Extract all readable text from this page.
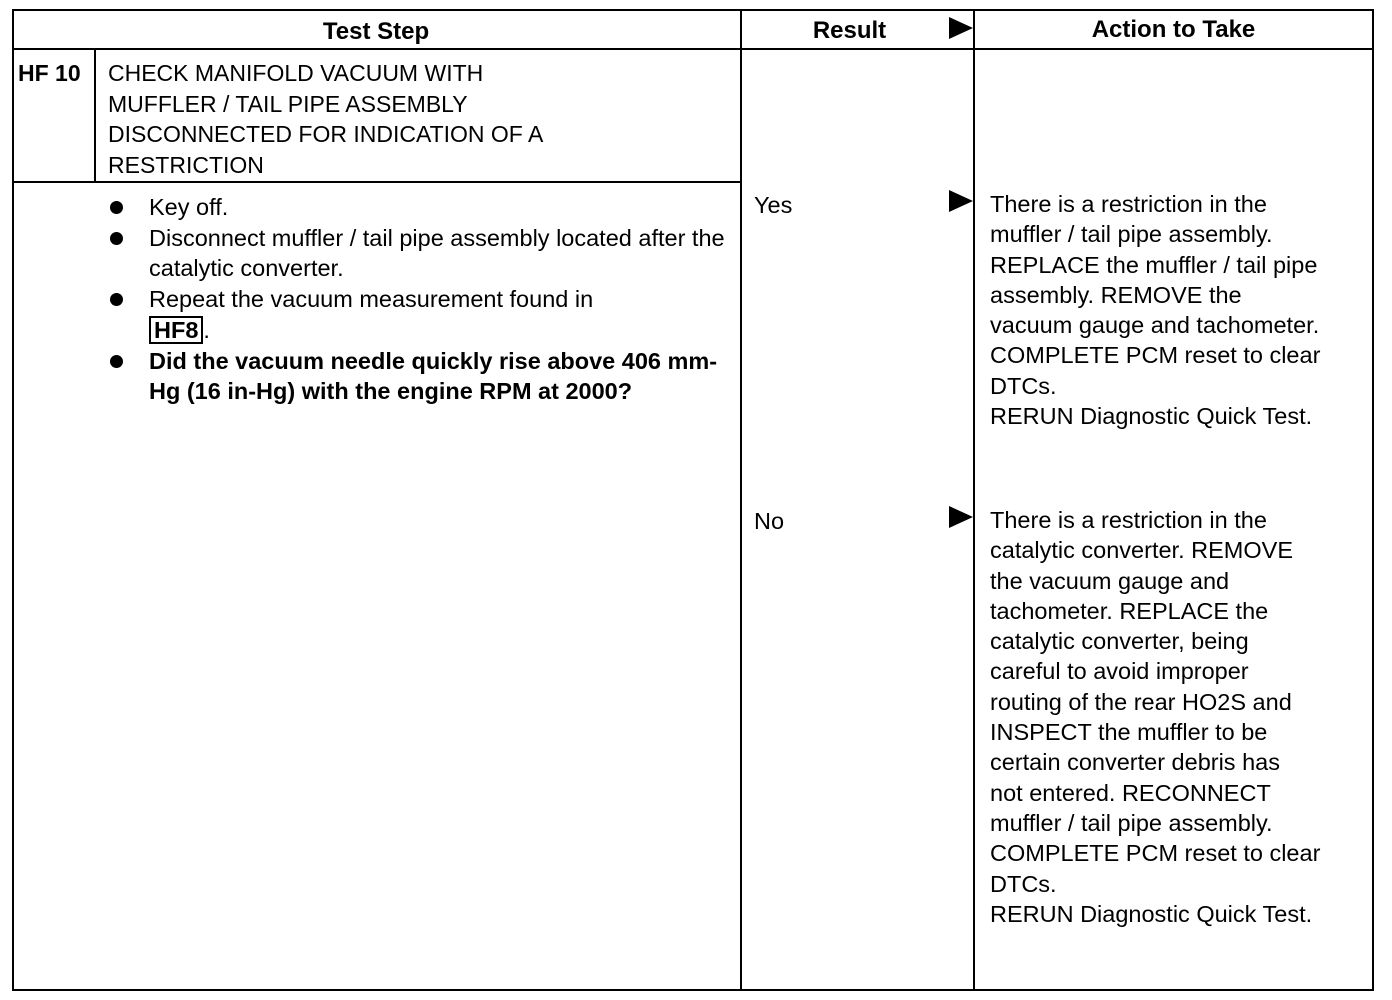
Test Step	Result	Action to Take
HF 10 CHECK MANIFOLD VACUUM WITH
MUFFLER / TAIL PIPE ASSEMBLY
DISCONNECTED FOR INDICATION OF A
RESTRICTION
Key off.
Disconnect muffler / tail pipe assembly located after the catalytic converter.
Repeat the vacuum measurement found in
HF8 .
Did the vacuum needle quickly rise above 406 mm-Hg (16 in-Hg) with the engine RPM at 2000?
Yes	There is a restriction in the
muffler / tail pipe assembly.
REPLACE the muffler / tail pipe
assembly. REMOVE the
vacuum gauge and tachometer.
COMPLETE PCM reset to clear
DTCs.
RERUN Diagnostic Quick Test.
No	There is a restriction in the
catalytic converter. REMOVE
the vacuum gauge and
tachometer. REPLACE the
catalytic converter, being
careful to avoid improper
routing of the rear HO2S and
INSPECT the muffler to be
certain converter debris has
not entered. RECONNECT
muffler / tail pipe assembly.
COMPLETE PCM reset to clear
DTCs.
RERUN Diagnostic Quick Test.
